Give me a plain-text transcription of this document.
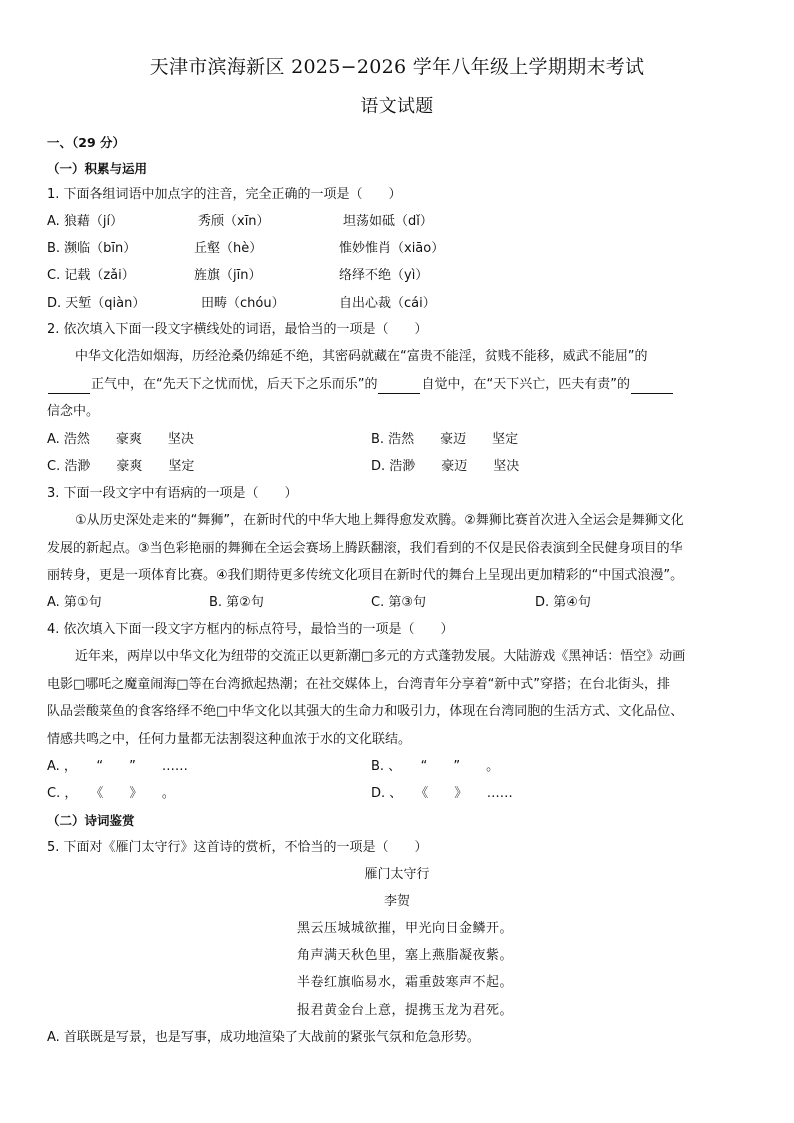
天津市滨海新区 2025−2026 学年八年级上学期期末考试
语文试题
一、（29 分）
（一）积累与运用
1. 下面各组词语中加点字的注音，完全正确的一项是（　　）
A. 狼藉（jí）	秀颀（xīn）	坦荡如砥（dǐ）
B. 濒临（bīn）	丘壑（hè）	惟妙惟肖（xiāo）
C. 记载（zǎi）	旌旗（jīn）	络绎不绝（yì）
D. 天堑（qiàn）	田畴（chóu）	自出心裁（cái）
2. 依次填入下面一段文字横线处的词语，最恰当的一项是（　　）
中华文化浩如烟海，历经沧桑仍绵延不绝，其密码就藏在“富贵不能淫，贫贱不能移，威武不能屈”的
正气中，在“先天下之忧而忧，后天下之乐而乐”的	自觉中，在“天下兴亡，匹夫有责”的
信念中。
A. 浩然　　豪爽　　坚决	B. 浩然　　豪迈　　坚定
C. 浩渺　　豪爽　　坚定	D. 浩渺　　豪迈　　坚决
3. 下面一段文字中有语病的一项是（　　）
①从历史深处走来的“舞狮”，在新时代的中华大地上舞得愈发欢腾。②舞狮比赛首次进入全运会是舞狮文化
发展的新起点。③当色彩艳丽的舞狮在全运会赛场上腾跃翻滚，我们看到的不仅是民俗表演到全民健身项目的华
丽转身，更是一项体育比赛。④我们期待更多传统文化项目在新时代的舞台上呈现出更加精彩的“中国式浪漫”。
A. 第①句	B. 第②句	C. 第③句	D. 第④句
4. 依次填入下面一段文字方框内的标点符号，最恰当的一项是（　　）
近年来，两岸以中华文化为纽带的交流正以更新潮□多元的方式蓬勃发展。大陆游戏《黑神话：悟空》动画
电影□哪吒之魔童闹海□等在台湾掀起热潮；在社交媒体上，台湾青年分享着“新中式”穿搭；在台北街头，排
队品尝酸菜鱼的食客络绎不绝□中华文化以其强大的生命力和吸引力，体现在台湾同胞的生活方式、文化品位、
情感共鸣之中，任何力量都无法割裂这种血浓于水的文化联结。
A. ，　　“　　”　　……	B. 、　　“　　”　　。
C. ，　　《　　》　　。	D. 、　　《　　》　　……
（二）诗词鉴赏
5. 下面对《雁门太守行》这首诗的赏析，不恰当的一项是（　　）
雁门太守行
李贺
黑云压城城欲摧，甲光向日金鳞开。
角声满天秋色里，塞上燕脂凝夜紫。
半卷红旗临易水，霜重鼓寒声不起。
报君黄金台上意，提携玉龙为君死。
A. 首联既是写景，也是写事，成功地渲染了大战前的紧张气氛和危急形势。
